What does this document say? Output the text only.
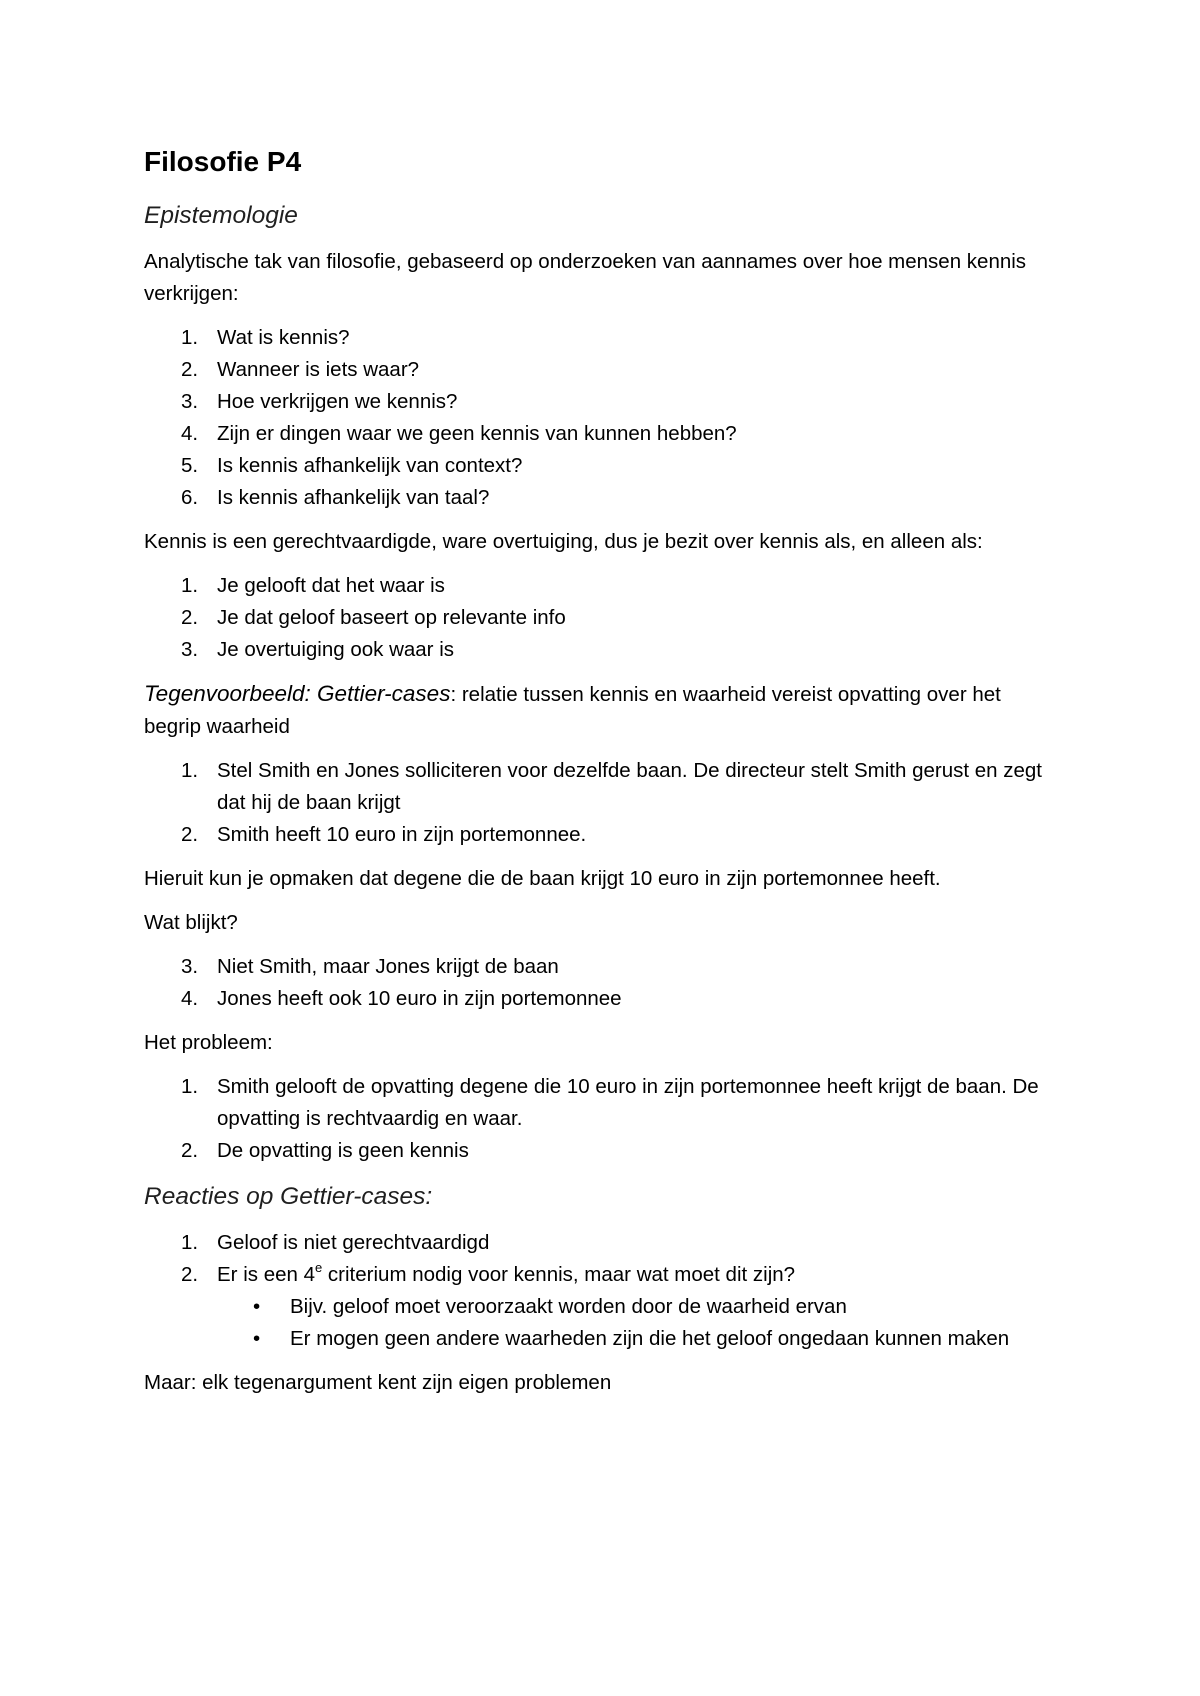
Filosofie P4
Epistemologie

Analytische tak van filosofie, gebaseerd op onderzoeken van aannames over hoe mensen kennis verkrijgen:

1. Wat is kennis?
2. Wanneer is iets waar?
3. Hoe verkrijgen we kennis?
4. Zijn er dingen waar we geen kennis van kunnen hebben?
5. Is kennis afhankelijk van context?
6. Is kennis afhankelijk van taal?

Kennis is een gerechtvaardigde, ware overtuiging, dus je bezit over kennis als, en alleen als:

1. Je gelooft dat het waar is
2. Je dat geloof baseert op relevante info
3. Je overtuiging ook waar is

Tegenvoorbeeld: Gettier-cases: relatie tussen kennis en waarheid vereist opvatting over het begrip waarheid

1. Stel Smith en Jones solliciteren voor dezelfde baan. De directeur stelt Smith gerust en zegt dat hij de baan krijgt
2. Smith heeft 10 euro in zijn portemonnee.

Hieruit kun je opmaken dat degene die de baan krijgt 10 euro in zijn portemonnee heeft.

Wat blijkt?

3. Niet Smith, maar Jones krijgt de baan
4. Jones heeft ook 10 euro in zijn portemonnee

Het probleem:

1. Smith gelooft de opvatting degene die 10 euro in zijn portemonnee heeft krijgt de baan. De opvatting is rechtvaardig en waar.
2. De opvatting is geen kennis
Reacties op Gettier-cases:
1. Geloof is niet gerechtvaardigd
2. Er is een 4e criterium nodig voor kennis, maar wat moet dit zijn?
• Bijv. geloof moet veroorzaakt worden door de waarheid ervan
• Er mogen geen andere waarheden zijn die het geloof ongedaan kunnen maken

Maar: elk tegenargument kent zijn eigen problemen
